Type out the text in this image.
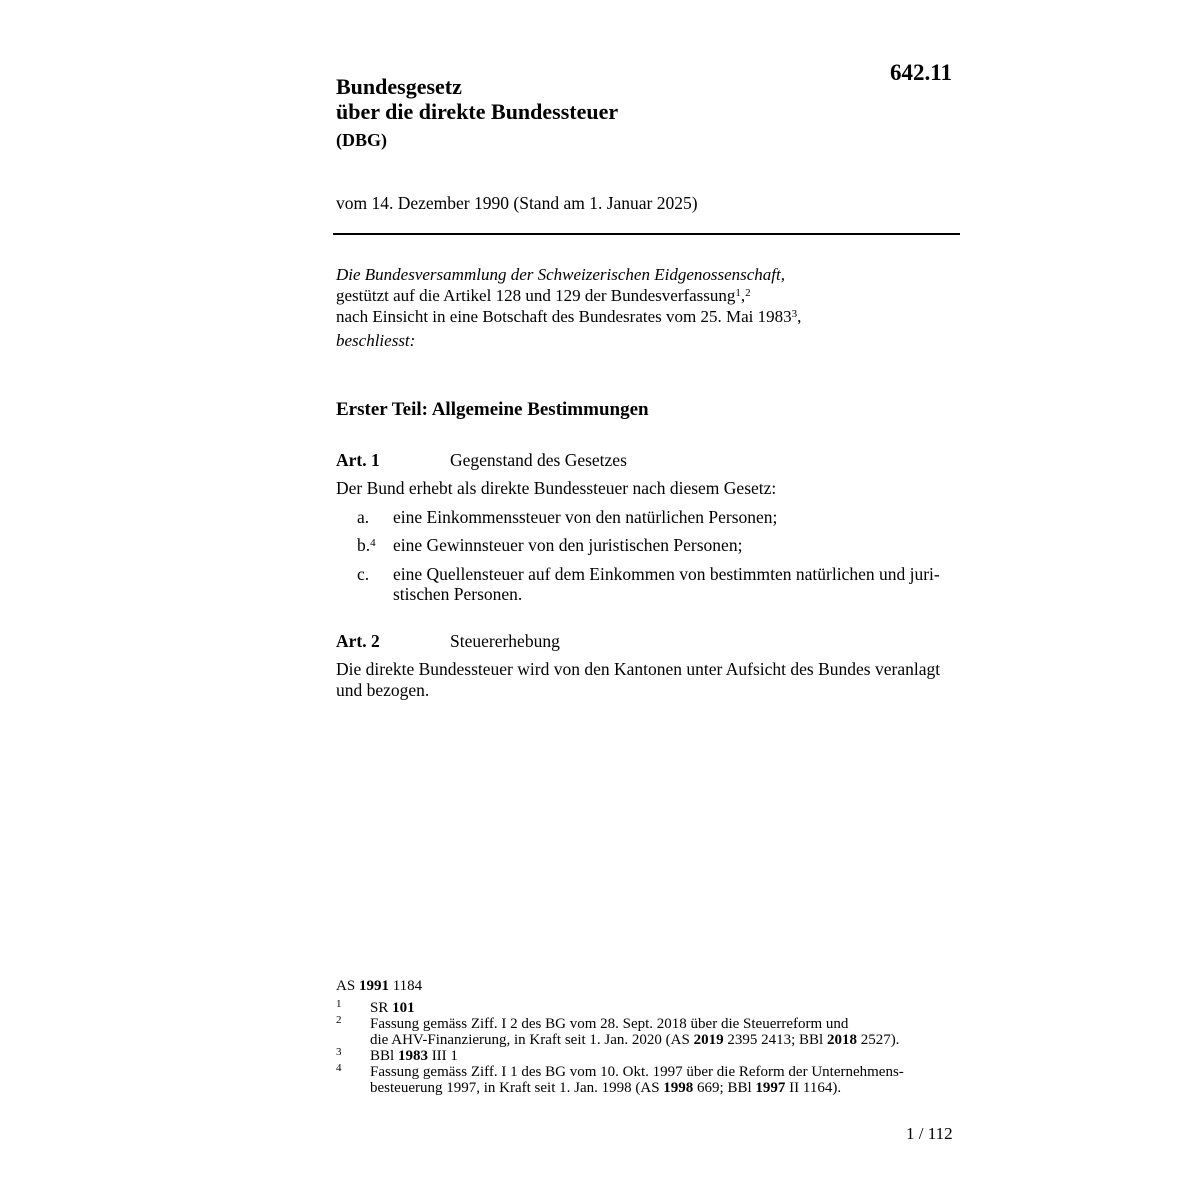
642.11
Bundesgesetz
über die direkte Bundessteuer
(DBG)
vom 14. Dezember 1990 (Stand am 1. Januar 2025)
Die Bundesversammlung der Schweizerischen Eidgenossenschaft,
gestützt auf die Artikel 128 und 129 der Bundesverfassung$^1$,$^2$
nach Einsicht in eine Botschaft des Bundesrates vom 25. Mai 1983$^3$,
beschliesst:
Erster Teil: Allgemeine Bestimmungen
Art. 1	Gegenstand des Gesetzes
Der Bund erhebt als direkte Bundessteuer nach diesem Gesetz:
a. eine Einkommenssteuer von den natürlichen Personen;
b.$^4$ eine Gewinnsteuer von den juristischen Personen;
c. eine Quellensteuer auf dem Einkommen von bestimmten natürlichen und juri-
stischen Personen.
Art. 2	Steuererhebung
Die direkte Bundessteuer wird von den Kantonen unter Aufsicht des Bundes veranlagt
und bezogen.
AS 1991 1184
1 SR 101
2 Fassung gemäss Ziff. I 2 des BG vom 28. Sept. 2018 über die Steuerreform und
die AHV-Finanzierung, in Kraft seit 1. Jan. 2020 (AS 2019 2395 2413; BBl 2018 2527).
3 BBl 1983 III 1
4 Fassung gemäss Ziff. I 1 des BG vom 10. Okt. 1997 über die Reform der Unternehmens-
besteuerung 1997, in Kraft seit 1. Jan. 1998 (AS 1998 669; BBl 1997 II 1164).
1 / 112
